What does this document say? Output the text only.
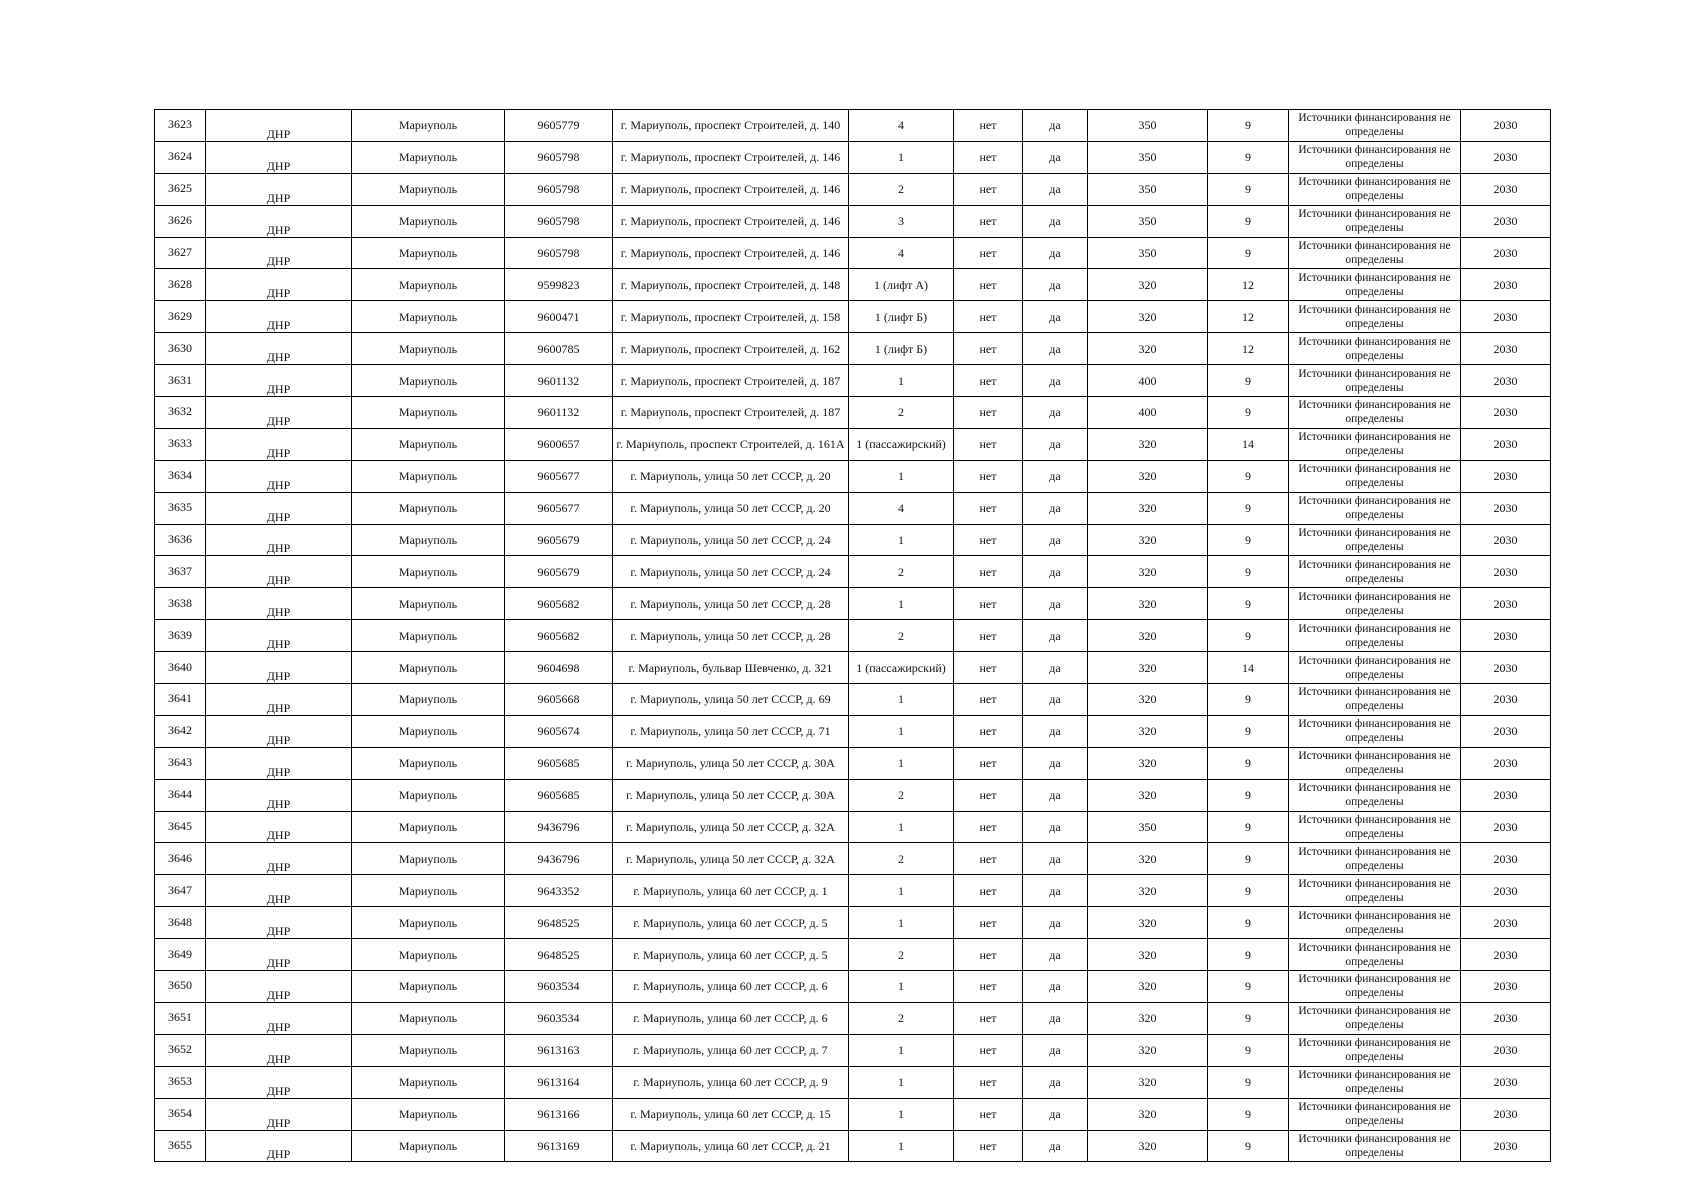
3623	ДНР	Мариуполь	9605779	г. Мариуполь, проспект Строителей, д. 140	4	нет	да	350	9	Источники финансирования не определены	2030
3624	ДНР	Мариуполь	9605798	г. Мариуполь, проспект Строителей, д. 146	1	нет	да	350	9	Источники финансирования не определены	2030
3625	ДНР	Мариуполь	9605798	г. Мариуполь, проспект Строителей, д. 146	2	нет	да	350	9	Источники финансирования не определены	2030
3626	ДНР	Мариуполь	9605798	г. Мариуполь, проспект Строителей, д. 146	3	нет	да	350	9	Источники финансирования не определены	2030
3627	ДНР	Мариуполь	9605798	г. Мариуполь, проспект Строителей, д. 146	4	нет	да	350	9	Источники финансирования не определены	2030
3628	ДНР	Мариуполь	9599823	г. Мариуполь, проспект Строителей, д. 148	1 (лифт А)	нет	да	320	12	Источники финансирования не определены	2030
3629	ДНР	Мариуполь	9600471	г. Мариуполь, проспект Строителей, д. 158	1 (лифт Б)	нет	да	320	12	Источники финансирования не определены	2030
3630	ДНР	Мариуполь	9600785	г. Мариуполь, проспект Строителей, д. 162	1 (лифт Б)	нет	да	320	12	Источники финансирования не определены	2030
3631	ДНР	Мариуполь	9601132	г. Мариуполь, проспект Строителей, д. 187	1	нет	да	400	9	Источники финансирования не определены	2030
3632	ДНР	Мариуполь	9601132	г. Мариуполь, проспект Строителей, д. 187	2	нет	да	400	9	Источники финансирования не определены	2030
3633	ДНР	Мариуполь	9600657	г. Мариуполь, проспект Строителей, д. 161А	1 (пассажирский)	нет	да	320	14	Источники финансирования не определены	2030
3634	ДНР	Мариуполь	9605677	г. Мариуполь, улица 50 лет СССР, д. 20	1	нет	да	320	9	Источники финансирования не определены	2030
3635	ДНР	Мариуполь	9605677	г. Мариуполь, улица 50 лет СССР, д. 20	4	нет	да	320	9	Источники финансирования не определены	2030
3636	ДНР	Мариуполь	9605679	г. Мариуполь, улица 50 лет СССР, д. 24	1	нет	да	320	9	Источники финансирования не определены	2030
3637	ДНР	Мариуполь	9605679	г. Мариуполь, улица 50 лет СССР, д. 24	2	нет	да	320	9	Источники финансирования не определены	2030
3638	ДНР	Мариуполь	9605682	г. Мариуполь, улица 50 лет СССР, д. 28	1	нет	да	320	9	Источники финансирования не определены	2030
3639	ДНР	Мариуполь	9605682	г. Мариуполь, улица 50 лет СССР, д. 28	2	нет	да	320	9	Источники финансирования не определены	2030
3640	ДНР	Мариуполь	9604698	г. Мариуполь, бульвар Шевченко, д. 321	1 (пассажирский)	нет	да	320	14	Источники финансирования не определены	2030
3641	ДНР	Мариуполь	9605668	г. Мариуполь, улица 50 лет СССР, д. 69	1	нет	да	320	9	Источники финансирования не определены	2030
3642	ДНР	Мариуполь	9605674	г. Мариуполь, улица 50 лет СССР, д. 71	1	нет	да	320	9	Источники финансирования не определены	2030
3643	ДНР	Мариуполь	9605685	г. Мариуполь, улица 50 лет СССР, д. 30А	1	нет	да	320	9	Источники финансирования не определены	2030
3644	ДНР	Мариуполь	9605685	г. Мариуполь, улица 50 лет СССР, д. 30А	2	нет	да	320	9	Источники финансирования не определены	2030
3645	ДНР	Мариуполь	9436796	г. Мариуполь, улица 50 лет СССР, д. 32А	1	нет	да	350	9	Источники финансирования не определены	2030
3646	ДНР	Мариуполь	9436796	г. Мариуполь, улица 50 лет СССР, д. 32А	2	нет	да	320	9	Источники финансирования не определены	2030
3647	ДНР	Мариуполь	9643352	г. Мариуполь, улица 60 лет СССР, д. 1	1	нет	да	320	9	Источники финансирования не определены	2030
3648	ДНР	Мариуполь	9648525	г. Мариуполь, улица 60 лет СССР, д. 5	1	нет	да	320	9	Источники финансирования не определены	2030
3649	ДНР	Мариуполь	9648525	г. Мариуполь, улица 60 лет СССР, д. 5	2	нет	да	320	9	Источники финансирования не определены	2030
3650	ДНР	Мариуполь	9603534	г. Мариуполь, улица 60 лет СССР, д. 6	1	нет	да	320	9	Источники финансирования не определены	2030
3651	ДНР	Мариуполь	9603534	г. Мариуполь, улица 60 лет СССР, д. 6	2	нет	да	320	9	Источники финансирования не определены	2030
3652	ДНР	Мариуполь	9613163	г. Мариуполь, улица 60 лет СССР, д. 7	1	нет	да	320	9	Источники финансирования не определены	2030
3653	ДНР	Мариуполь	9613164	г. Мариуполь, улица 60 лет СССР, д. 9	1	нет	да	320	9	Источники финансирования не определены	2030
3654	ДНР	Мариуполь	9613166	г. Мариуполь, улица 60 лет СССР, д. 15	1	нет	да	320	9	Источники финансирования не определены	2030
3655	ДНР	Мариуполь	9613169	г. Мариуполь, улица 60 лет СССР, д. 21	1	нет	да	320	9	Источники финансирования не определены	2030
